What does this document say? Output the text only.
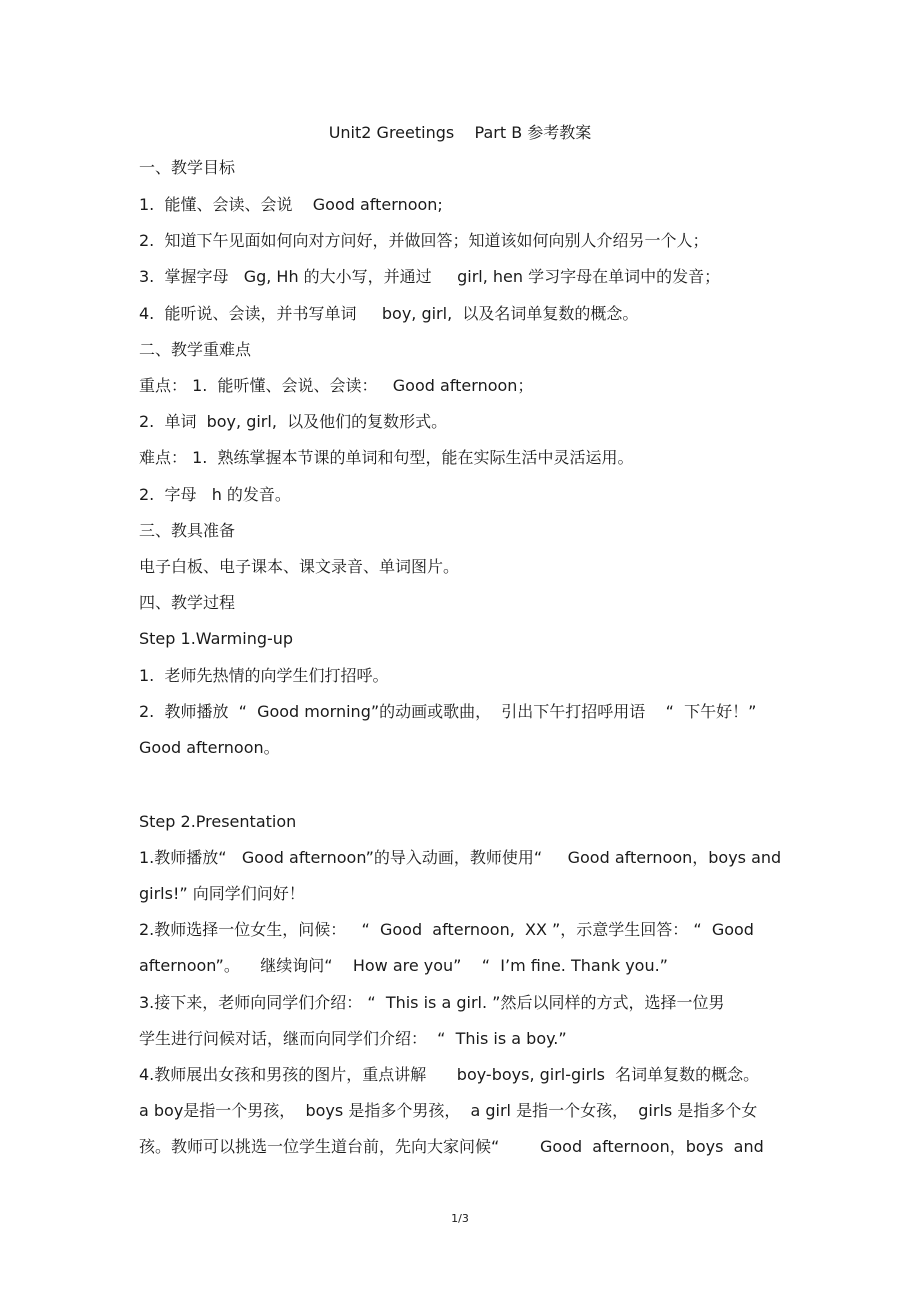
Unit2 Greetings    Part B 参考教案
一、教学目标
1.  能懂、会读、会说    Good afternoon;
2.  知道下午见面如何向对方问好，并做回答；知道该如何向别人介绍另一个人；
3.  掌握字母   Gg, Hh 的大小写，并通过     girl, hen 学习字母在单词中的发音；
4.  能听说、会读，并书写单词     boy, girl,  以及名词单复数的概念。
二、教学重难点
重点： 1.  能听懂、会说、会读：   Good afternoon；
2.  单词  boy, girl,  以及他们的复数形式。
难点： 1.  熟练掌握本节课的单词和句型，能在实际生活中灵活运用。
2.  字母   h 的发音。
三、教具准备
电子白板、电子课本、课文录音、单词图片。
四、教学过程
Step 1.Warming-up
1.  老师先热情的向学生们打招呼。
2.  教师播放  “  Good morning”的动画或歌曲，  引出下午打招呼用语    “  下午好！”
Good afternoon。
Step 2.Presentation
1.教师播放“   Good afternoon”的导入动画，教师使用“     Good afternoon，boys and
girls!” 向同学们问好！
2.教师选择一位女生，问候：   “  Good  afternoon,  XX ”，示意学生回答： “  Good
afternoon”。    继续询问“    How are you”    “  I’m fine. Thank you.”
3.接下来，老师向同学们介绍： “  This is a girl. ”然后以同样的方式，选择一位男
学生进行问候对话，继而向同学们介绍：  “  This is a boy.”
4.教师展出女孩和男孩的图片，重点讲解      boy-boys, girl-girls  名词单复数的概念。
a boy是指一个男孩，  boys 是指多个男孩，  a girl 是指一个女孩，  girls 是指多个女
孩。教师可以挑选一位学生道台前，先向大家问候“        Good  afternoon，boys  and
1/3
